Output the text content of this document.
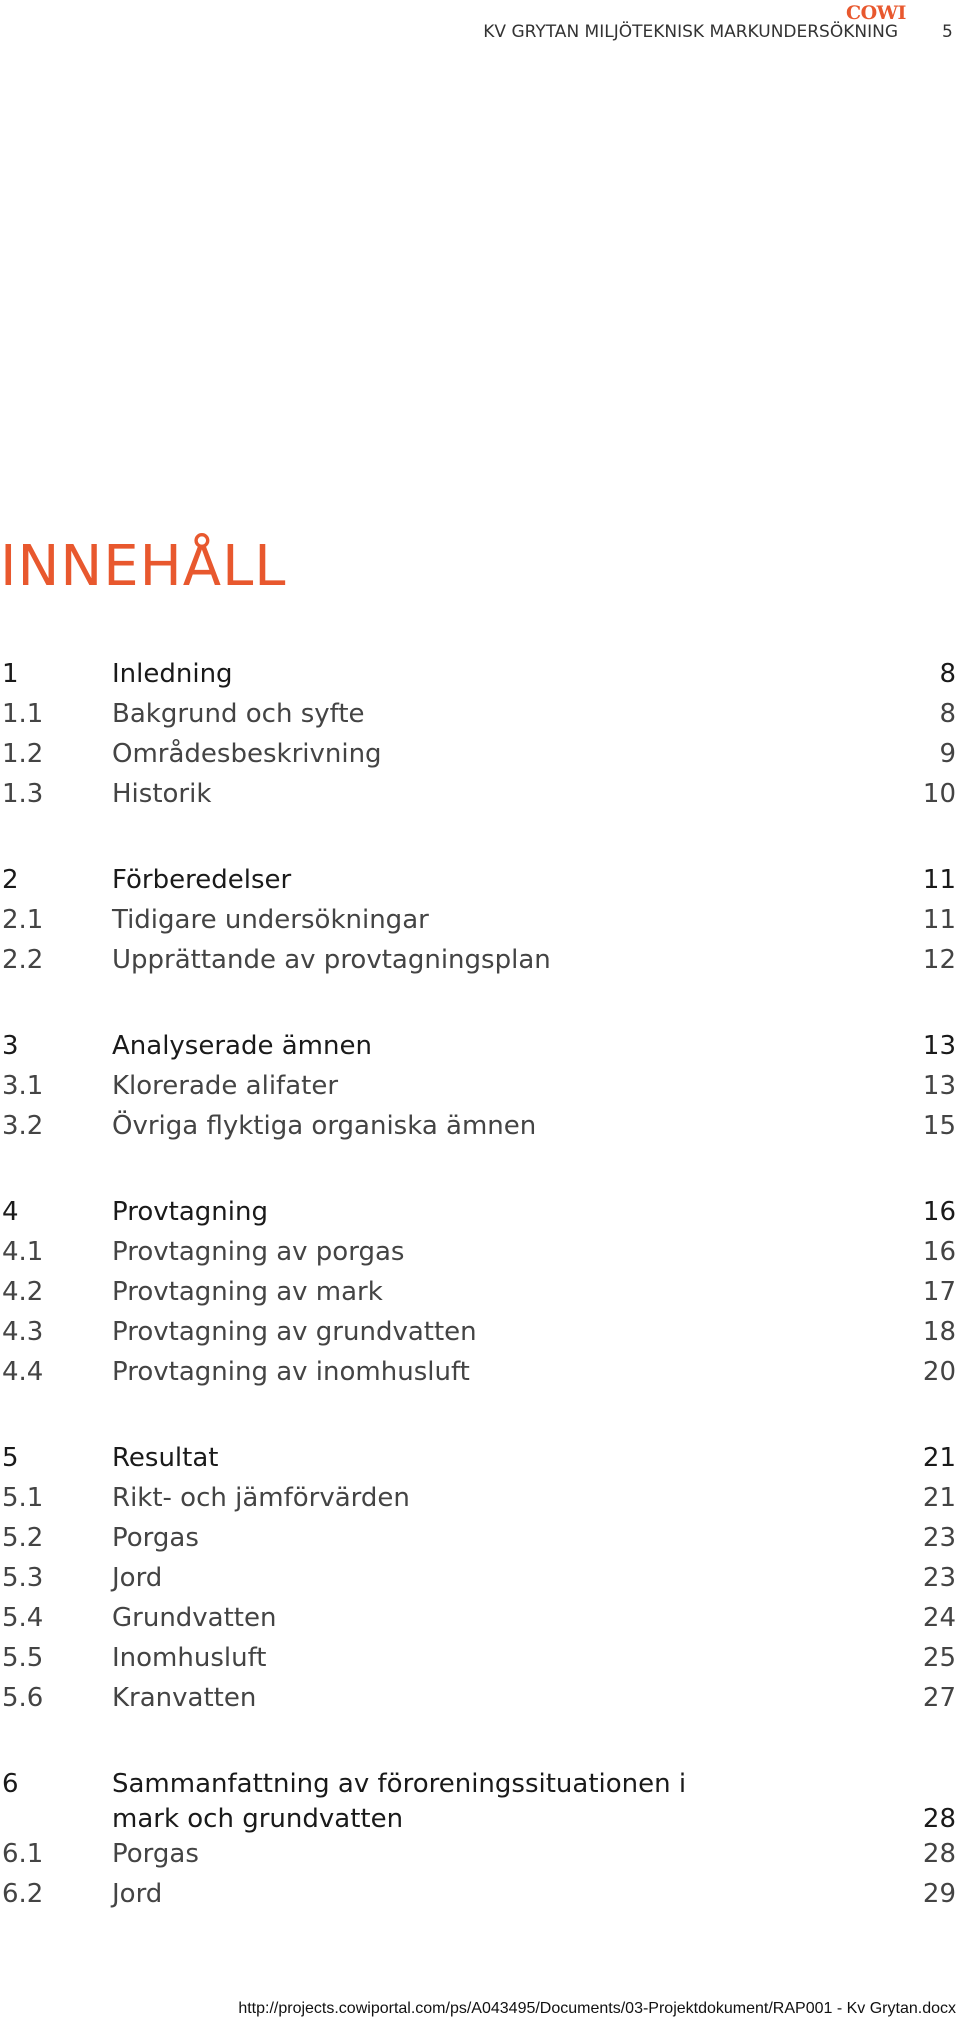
COWI
KV GRYTAN MILJÖTEKNISK MARKUNDERSÖKNING	5
INNEHÅLL
1	Inledning	8
1.1	Bakgrund och syfte	8
1.2	Områdesbeskrivning	9
1.3	Historik	10
2	Förberedelser	11
2.1	Tidigare undersökningar	11
2.2	Upprättande av provtagningsplan	12
3	Analyserade ämnen	13
3.1	Klorerade alifater	13
3.2	Övriga flyktiga organiska ämnen	15
4	Provtagning	16
4.1	Provtagning av porgas	16
4.2	Provtagning av mark	17
4.3	Provtagning av grundvatten	18
4.4	Provtagning av inomhusluft	20
5	Resultat	21
5.1	Rikt- och jämförvärden	21
5.2	Porgas	23
5.3	Jord	23
5.4	Grundvatten	24
5.5	Inomhusluft	25
5.6	Kranvatten	27
6	Sammanfattning av föroreningssituationen i mark och grundvatten	28
6.1	Porgas	28
6.2	Jord	29
http://projects.cowiportal.com/ps/A043495/Documents/03-Projektdokument/RAP001 - Kv Grytan.docx
